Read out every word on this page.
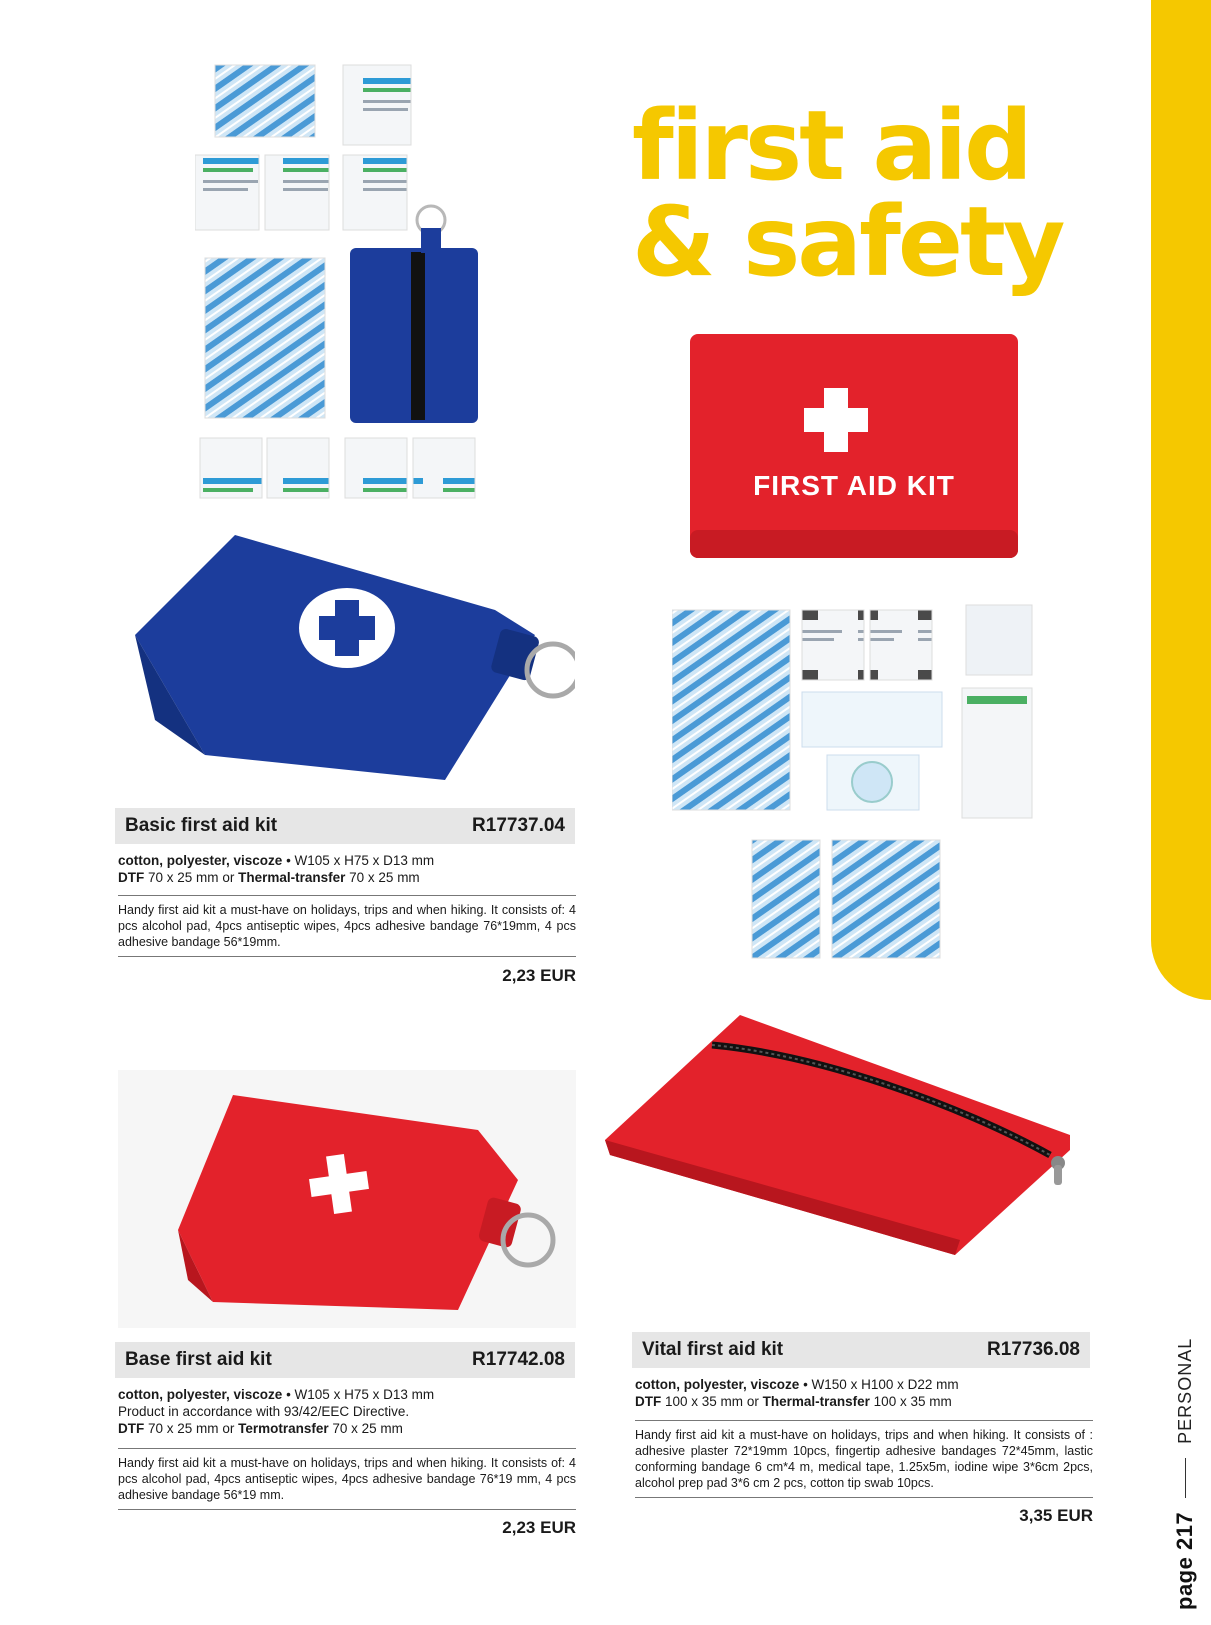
page 217
PERSONAL
first aid
& safety
Basic first aid kit	R17737.04
cotton, polyester, viscoze • W105 x H75 x D13 mm
DTF 70 x 25 mm or Thermal-transfer 70 x 25 mm
Handy first aid kit a must-have on holidays, trips and when hiking. It consists of: 4 pcs alcohol pad, 4pcs antiseptic wipes, 4pcs adhesive bandage 76*19mm, 4 pcs adhesive bandage 56*19mm.
2,23 EUR
FIRST AID KIT
Vital first aid kit	R17736.08
cotton, polyester, viscoze • W150 x H100 x D22 mm
DTF 100 x 35 mm or Thermal-transfer 100 x 35 mm
Handy first aid kit a must-have on holidays, trips and when hiking. It consists of : adhesive plaster 72*19mm 10pcs, fingertip adhesive bandages 72*45mm, lastic conforming bandage 6 cm*4 m, medical tape, 1.25x5m, iodine wipe 3*6cm 2pcs, alcohol prep pad 3*6 cm 2 pcs, cotton tip swab 10pcs.
3,35 EUR
Base first aid kit	R17742.08
cotton, polyester, viscoze • W105 x H75 x D13 mm
Product in accordance with 93/42/EEC Directive.
DTF 70 x 25 mm or Termotransfer 70 x 25 mm
Handy first aid kit a must-have on holidays, trips and when hiking. It consists of: 4 pcs alcohol pad, 4pcs antiseptic wipes, 4pcs adhesive bandage 76*19 mm, 4 pcs adhesive bandage 56*19 mm.
2,23 EUR
